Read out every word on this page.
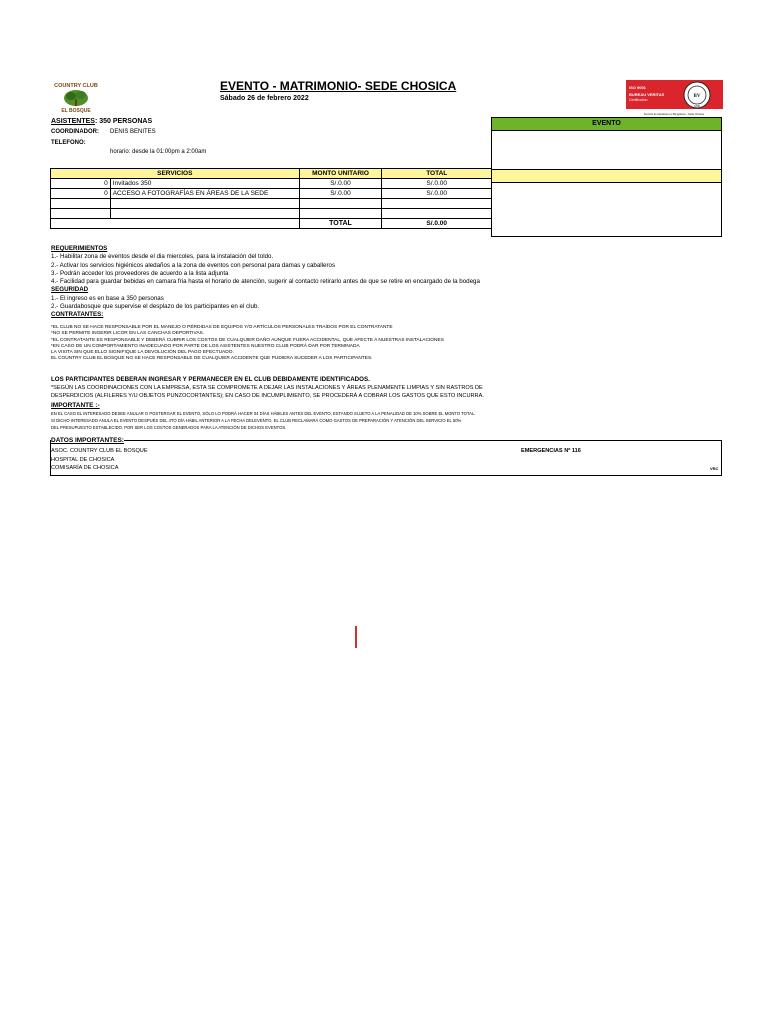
COUNTRY CLUB
EL BOSQUE
EVENTO - MATRIMONIO- SEDE CHOSICA
Sábado 26 de febrero 2022
ISO 9001
BUREAU VERITAS
Certification
BV
1828
Servicio de Alquileres en Bungalows - Sede Chosica
ASISTENTES: 350 PERSONAS
COORDINADOR: DENIS BENITES
TELEFONO:
horario: desde la 01:00pm a 2:00am
EVENTO
SERVICIOS		MONTO UNITARIO	TOTAL
0	Invitados 350	S/.0.00	S/.0.00
0	ACCESO A FOTOGRAFÍAS EN ÁREAS DE LA SEDE	S/.0.00	S/.0.00

		TOTAL	S/.0.00
REQUERIMIENTOS
1.- Habilitar zona de eventos desde el dia miercoles, para la instalación del toldo.
2.- Activar los servicios higiénicos aledaños a la zona de eventos con personal para damas y caballeros
3.- Podrán acceder los proveedores de acuerdo a la lista adjunta
4.- Facilidad para guardar bebidas en camara fria hasta el horario de atención, sugerir al contacto retirarlo antes de que se retire en encargado de la bodega
SEGURIDAD
1.- El ingreso es en base a 350 personas
2.- Guardabosque que supervise el desplazo de los participantes en el club.
CONTRATANTES:
*EL CLUB NO SE HACE RESPONSABLE POR EL MANEJO O PÉRDIDAS DE EQUIPOS Y/O ARTÍCULOS PERSONALES TRAÍDOS POR EL CONTRATANTE
*NO SE PERMITE INGERIR LICOR EN LAS CANCHAS DEPORTIVAS.
*EL CONTRATANTE ES RESPONSABLE Y DEBERÁ CUBRIR LOS COSTOS DE CUALQUIER DAÑO AUNQUE FUERA ACCIDENTAL, QUE AFECTE A NUESTRAS INSTALACIONES
*EN CASO DE UN COMPORTAMIENTO INADECUADO POR PARTE DE LOS ASISTENTES NUESTRO CLUB PODRÁ DAR POR TERMINADA
LA VISITA SIN QUE ELLO SIGNIFIQUE LA DEVOLUCIÓN DEL PAGO EFECTUADO.
EL COUNTRY CLUB EL BOSQUE NO SE HACE RESPONSABLE DE CUALQUIER ACCIDENTE QUE PUDIERA SUCEDER A LOS PARTICIPANTES.
LOS PARTICIPANTES DEBERAN INGRESAR Y PERMANECER EN EL CLUB DEBIDAMENTE IDENTIFICADOS.
*SEGÚN LAS COORDINACIONES CON LA EMPRESA, ESTA SE COMPROMETE A DEJAR LAS INSTALACIONES Y ÁREAS PLENAMENTE LIMPIAS Y SIN RASTROS DE
DESPERDICIOS (ALFILERES Y/U OBJETOS PUNZOCORTANTES); EN CASO DE INCUMPLIMIENTO, SE PROCEDERÁ A COBRAR LOS GASTOS QUE ESTO INCURRA.
IMPORTANTE :-
EN EL CASO EL INTERESADO DESEE ANULAR O POSTERGAR EL EVENTO, SÓLO LO PODRÁ HACER 04 DÍAS HÁBILES ANTES DEL EVENTO, ESTANDO SUJETO A LA PENALIDAD DE 10% SOBRE EL MONTO TOTAL.
SI DICHO INTERESADO ANULA EL EVENTO DESPUÉS DEL 4TO DÍA HÁBIL ANTERIOR A LA FECHA DELEVENTO, EL CLUB RECLAMARÁ COMO GASTOS DE PREPARACIÓN Y ATENCIÓN DEL SERVICIO EL 50%
DEL PRESUPUESTO ESTABLECIDO, POR SER LOS COSTOS GENERADOS PARA LA ATENCIÓN DE DICHOS EVENTOS.
DATOS IMPORTANTES:
ASOC. COUNTRY CLUB EL BOSQUE
HOSPITAL DE CHOSICA
COMISARÍA DE CHOSICA
EMERGENCIAS Nº 116
VRC
